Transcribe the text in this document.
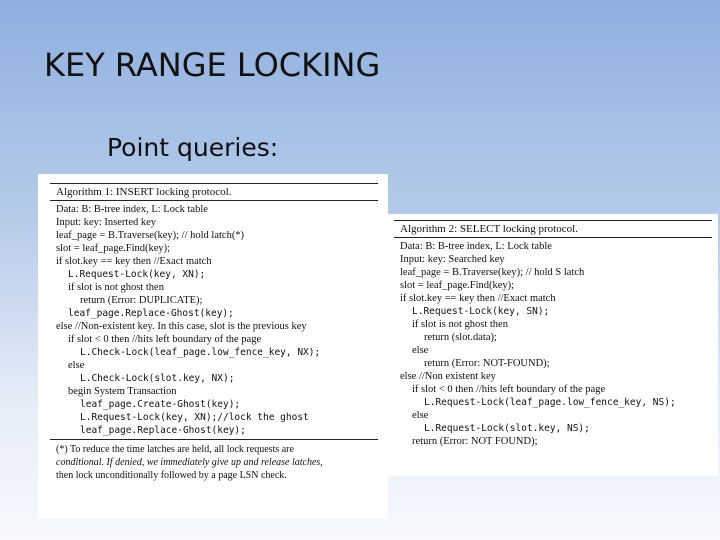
KEY RANGE LOCKING
Point queries:
Algorithm 1: INSERT locking protocol.
Data: B: B-tree index, L: Lock table
Input: key: Inserted key
leaf_page = B.Traverse(key); // hold latch(*)
slot = leaf_page.Find(key);
if slot.key == key then //Exact match
L.Request-Lock(key, XN);
if slot is not ghost then
return (Error: DUPLICATE);
leaf_page.Replace-Ghost(key);
else //Non-existent key. In this case, slot is the previous key
if slot < 0 then //hits left boundary of the page
L.Check-Lock(leaf_page.low_fence_key, NX);
else
L.Check-Lock(slot.key, NX);
begin System Transaction
leaf_page.Create-Ghost(key);
L.Request-Lock(key, XN);//lock the ghost
leaf_page.Replace-Ghost(key);
(*) To reduce the time latches are held, all lock requests are
conditional. If denied, we immediately give up and release latches,
then lock unconditionally followed by a page LSN check.
Algorithm 2: SELECT locking protocol.
Data: B: B-tree index, L: Lock table
Input: key: Searched key
leaf_page = B.Traverse(key); // hold S latch
slot = leaf_page.Find(key);
if slot.key == key then //Exact match
L.Request-Lock(key, SN);
if slot is not ghost then
return (slot.data);
else
return (Error: NOT-FOUND);
else //Non existent key
if slot < 0 then //hits left boundary of the page
L.Request-Lock(leaf_page.low_fence_key, NS);
else
L.Request-Lock(slot.key, NS);
return (Error: NOT FOUND);
